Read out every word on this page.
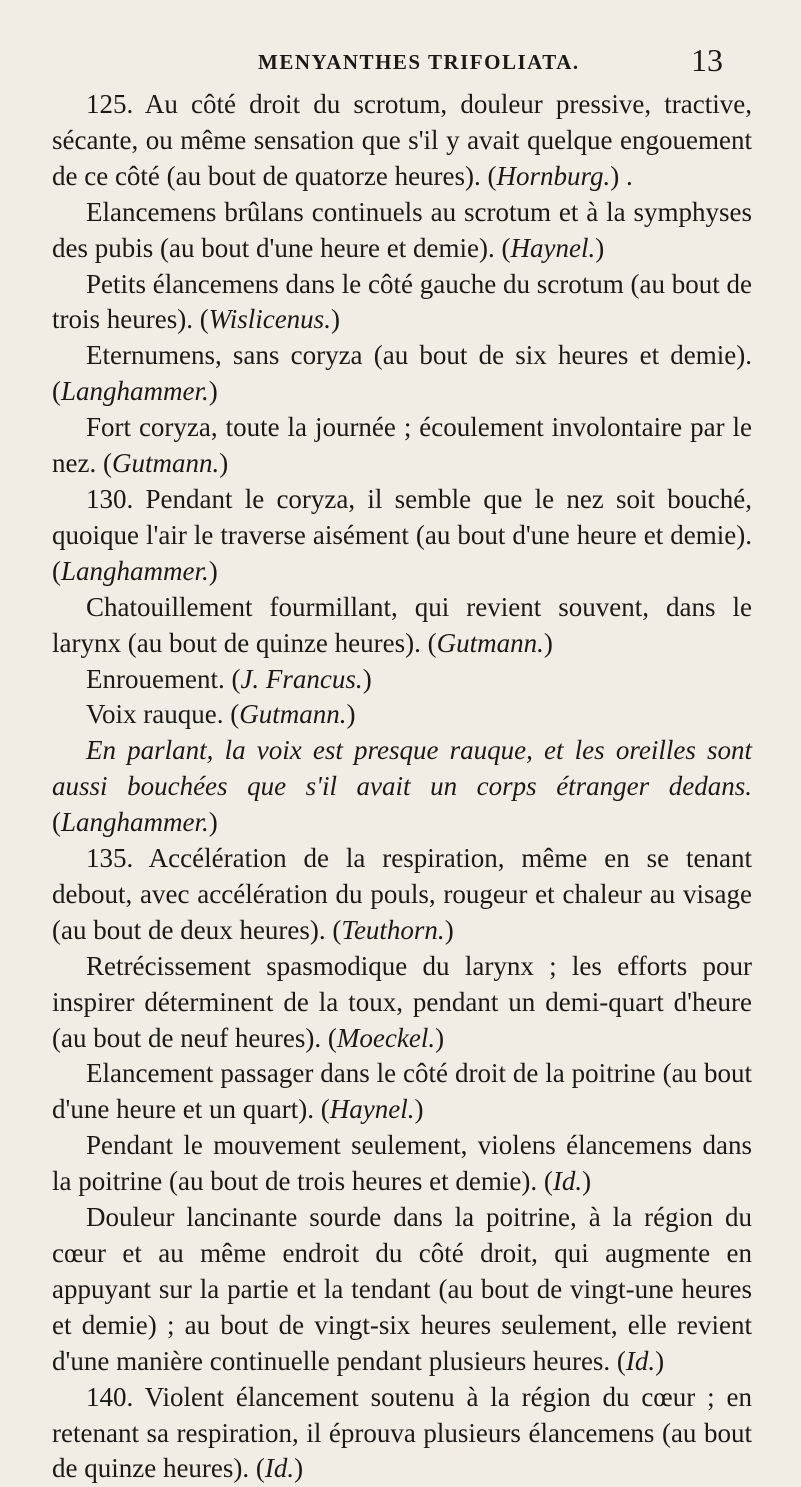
MENYANTHES TRIFOLIATA.	13

125. Au côté droit du scrotum, douleur pressive, tractive, sécante, ou même sensation que s'il y avait quelque engouement de ce côté (au bout de quatorze heures). (Hornburg.) .

Elancemens brûlans continuels au scrotum et à la symphyses des pubis (au bout d'une heure et demie). (Haynel.)

Petits élancemens dans le côté gauche du scrotum (au bout de trois heures). (Wislicenus.)

Eternumens, sans coryza (au bout de six heures et demie). (Langhammer.)

Fort coryza, toute la journée ; écoulement involontaire par le nez. (Gutmann.)

130. Pendant le coryza, il semble que le nez soit bouché, quoique l'air le traverse aisément (au bout d'une heure et demie). (Langhammer.)

Chatouillement fourmillant, qui revient souvent, dans le larynx (au bout de quinze heures). (Gutmann.)

Enrouement. (J. Francus.)

Voix rauque. (Gutmann.)

En parlant, la voix est presque rauque, et les oreilles sont aussi bouchées que s'il avait un corps étranger dedans. (Langhammer.)

135. Accélération de la respiration, même en se tenant debout, avec accélération du pouls, rougeur et chaleur au visage (au bout de deux heures). (Teuthorn.)

Retrécissement spasmodique du larynx ; les efforts pour inspirer déterminent de la toux, pendant un demi-quart d'heure (au bout de neuf heures). (Moeckel.)

Elancement passager dans le côté droit de la poitrine (au bout d'une heure et un quart). (Haynel.)

Pendant le mouvement seulement, violens élancemens dans la poitrine (au bout de trois heures et demie). (Id.)

Douleur lancinante sourde dans la poitrine, à la région du cœur et au même endroit du côté droit, qui augmente en appuyant sur la partie et la tendant (au bout de vingt-une heures et demie) ; au bout de vingt-six heures seulement, elle revient d'une manière continuelle pendant plusieurs heures. (Id.)

140. Violent élancement soutenu à la région du cœur ; en retenant sa respiration, il éprouva plusieurs élancemens (au bout de quinze heures). (Id.)
